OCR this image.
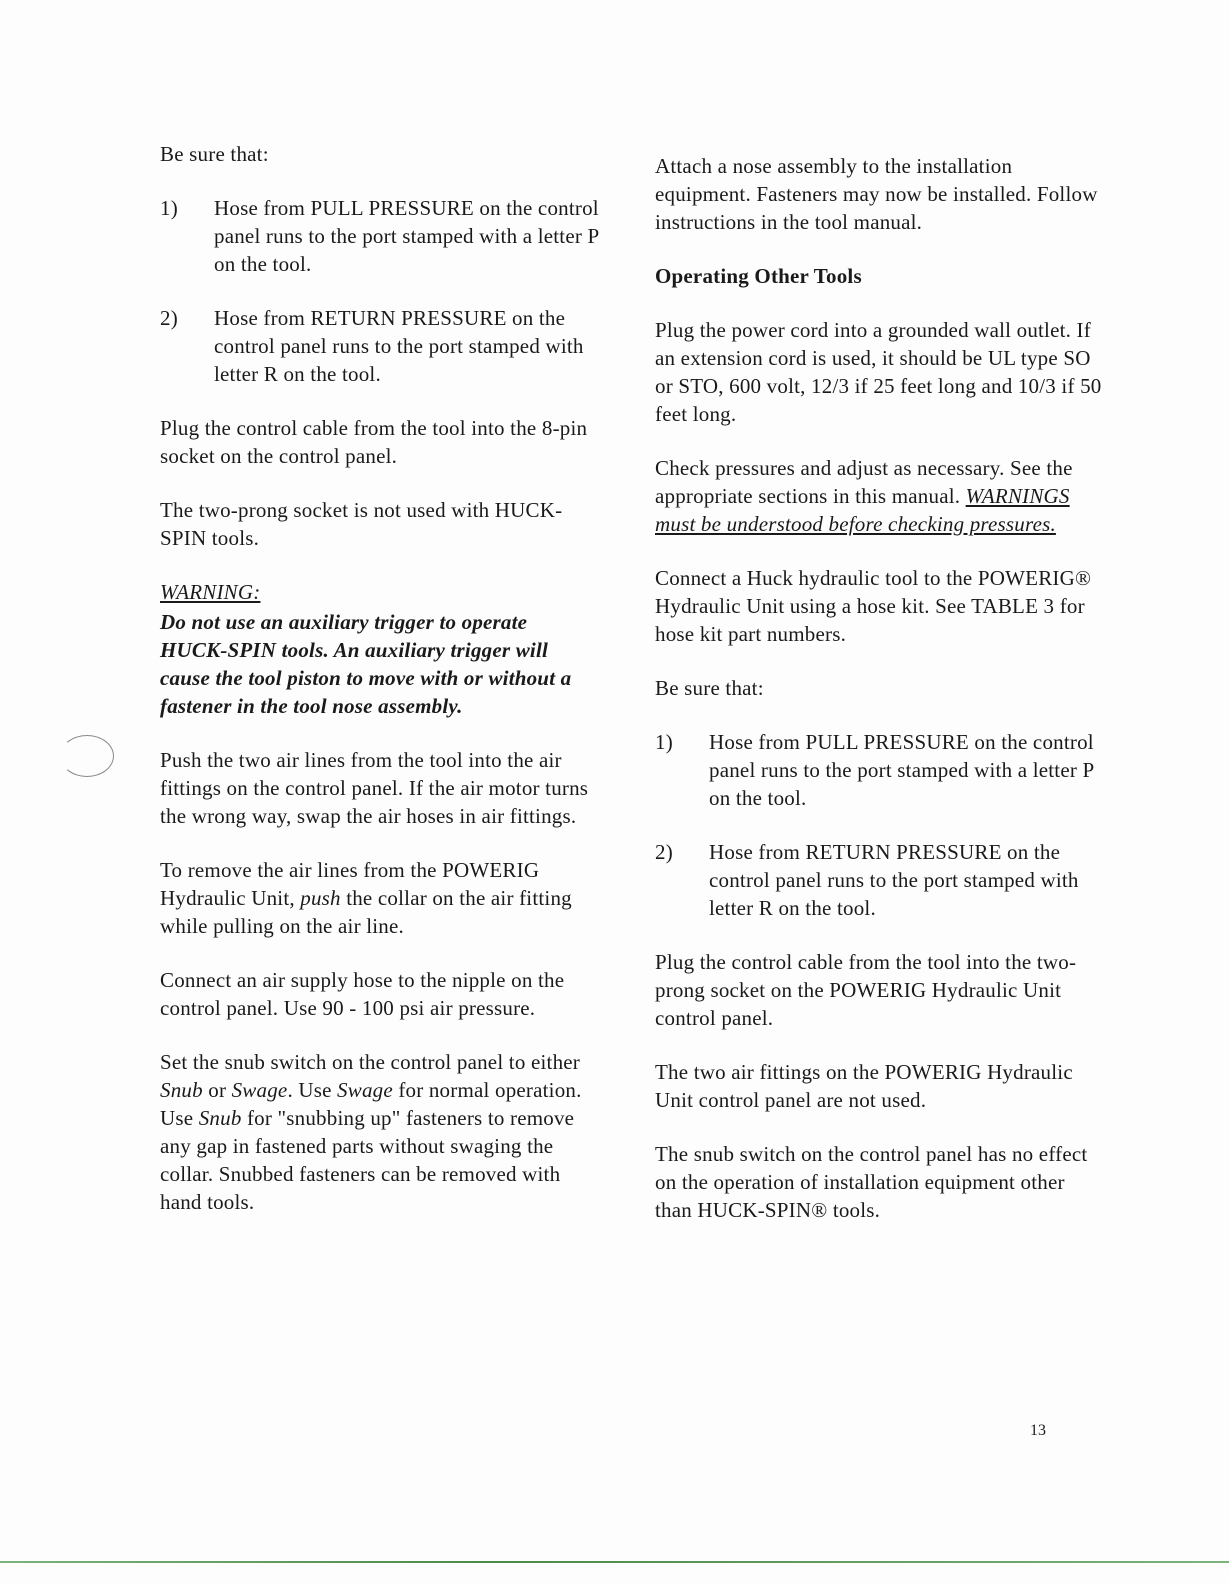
Be sure that:

1)	Hose from PULL PRESSURE on the control panel runs to the port stamped with a letter P on the tool.
2)	Hose from RETURN PRESSURE on the control panel runs to the port stamped with letter R on the tool.

Plug the control cable from the tool into the 8-pin socket on the control panel.

The two-prong socket is not used with HUCK-SPIN tools.

WARNING:
Do not use an auxiliary trigger to operate HUCK-SPIN tools. An auxiliary trigger will cause the tool piston to move with or without a fastener in the tool nose assembly.

Push the two air lines from the tool into the air fittings on the control panel. If the air motor turns the wrong way, swap the air hoses in air fittings.

To remove the air lines from the POWERIG Hydraulic Unit, push the collar on the air fitting while pulling on the air line.

Connect an air supply hose to the nipple on the control panel. Use 90 - 100 psi air pressure.

Set the snub switch on the control panel to either Snub or Swage. Use Swage for normal operation. Use Snub for "snubbing up" fasteners to remove any gap in fastened parts without swaging the collar. Snubbed fasteners can be removed with hand tools.

Attach a nose assembly to the installation equipment. Fasteners may now be installed. Follow instructions in the tool manual.

Operating Other Tools

Plug the power cord into a grounded wall outlet. If an extension cord is used, it should be UL type SO or STO, 600 volt, 12/3 if 25 feet long and 10/3 if 50 feet long.

Check pressures and adjust as necessary. See the appropriate sections in this manual. WARNINGS must be understood before checking pressures.

Connect a Huck hydraulic tool to the POWERIG® Hydraulic Unit using a hose kit. See TABLE 3 for hose kit part numbers.

Be sure that:

1)	Hose from PULL PRESSURE on the control panel runs to the port stamped with a letter P on the tool.
2)	Hose from RETURN PRESSURE on the control panel runs to the port stamped with letter R on the tool.

Plug the control cable from the tool into the two-prong socket on the POWERIG Hydraulic Unit control panel.

The two air fittings on the POWERIG Hydraulic Unit control panel are not used.

The snub switch on the control panel has no effect on the operation of installation equipment other than HUCK-SPIN® tools.

13
